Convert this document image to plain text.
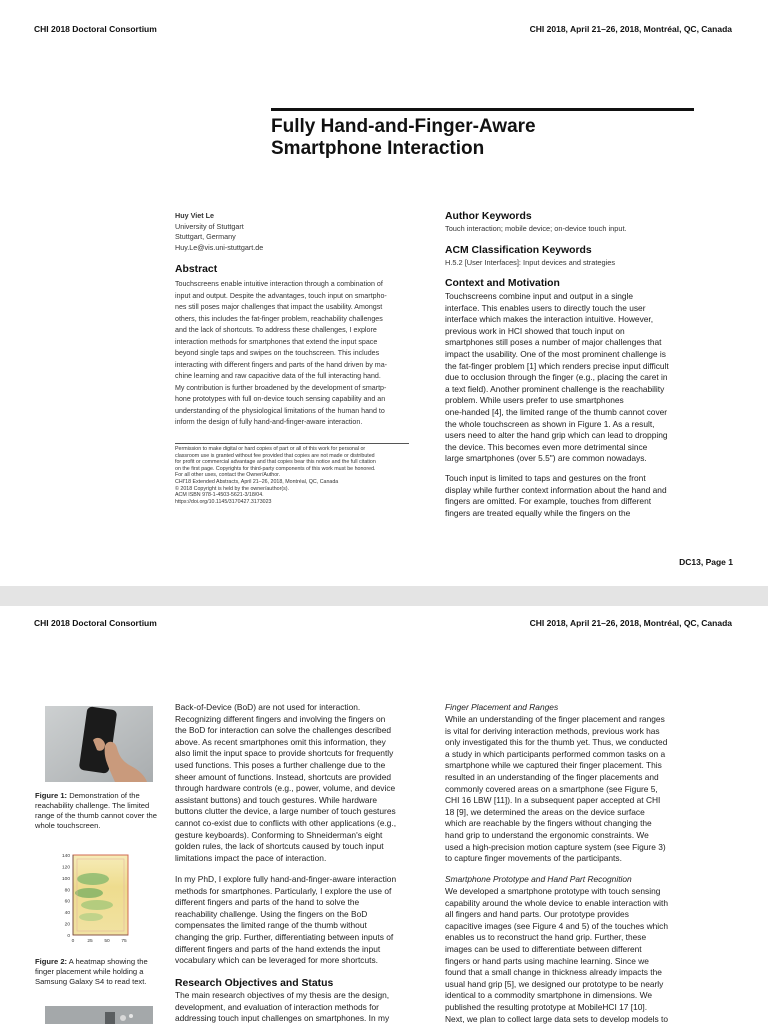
CHI 2018 Doctoral Consortium	CHI 2018, April 21–26, 2018, Montréal, QC, Canada
Fully Hand-and-Finger-Aware
Smartphone Interaction
Huy Viet Le
University of Stuttgart
Stuttgart, Germany
Huy.Le@vis.uni-stuttgart.de
Abstract
Touchscreens enable intuitive interaction through a combination of
input and output. Despite the advantages, touch input on smartpho-
nes still poses major challenges that impact the usability. Amongst
others, this includes the fat-finger problem, reachability challenges
and the lack of shortcuts. To address these challenges, I explore
interaction methods for smartphones that extend the input space
beyond single taps and swipes on the touchscreen. This includes
interacting with different fingers and parts of the hand driven by ma-
chine learning and raw capacitive data of the full interacting hand.
My contribution is further broadened by the development of smartp-
hone prototypes with full on-device touch sensing capability and an
understanding of the physiological limitations of the human hand to
inform the design of fully hand-and-finger-aware interaction.
Permission to make digital or hard copies of part or all of this work for personal or
classroom use is granted without fee provided that copies are not made or distributed
for profit or commercial advantage and that copies bear this notice and the full citation
on the first page. Copyrights for third-party components of this work must be honored.
For all other uses, contact the Owner/Author.
CHI'18 Extended Abstracts, April 21–26, 2018, Montréal, QC, Canada
© 2018 Copyright is held by the owner/author(s).
ACM ISBN 978-1-4503-5621-3/18/04.
https://doi.org/10.1145/3170427.3173023
Author Keywords
Touch interaction; mobile device; on-device touch input.
ACM Classification Keywords
H.5.2 [User Interfaces]: Input devices and strategies
Context and Motivation
Touchscreens combine input and output in a single
interface. This enables users to directly touch the user
interface which makes the interaction intuitive. However,
previous work in HCI showed that touch input on
smartphones still poses a number of major challenges that
impact the usability. One of the most prominent challenge is
the fat-finger problem [1] which renders precise input difficult
due to occlusion through the finger (e.g., placing the caret in
a text field). Another prominent challenge is the reachability
problem. While users prefer to use smartphones
one-handed [4], the limited range of the thumb cannot cover
the whole touchscreen as shown in Figure 1. As a result,
users need to alter the hand grip which can lead to dropping
the device. This becomes even more detrimental since
large smartphones (over 5.5") are common nowadays.
Touch input is limited to taps and gestures on the front
display while further context information about the hand and
fingers are omitted. For example, touches from different
fingers are treated equally while the fingers on the
DC13, Page 1
CHI 2018 Doctoral Consortium	CHI 2018, April 21–26, 2018, Montréal, QC, Canada
Figure 1: Demonstration of the reachability challenge. The limited range of the thumb cannot cover the whole touchscreen.
140
120
100
80
60
40
20
0
0	25 50 75
Figure 2: A heatmap showing the finger placement while holding a Samsung Galaxy S4 to read text.
Back-of-Device (BoD) are not used for interaction.
Recognizing different fingers and involving the fingers on
the BoD for interaction can solve the challenges described
above. As recent smartphones omit this information, they
also limit the input space to provide shortcuts for frequently
used functions. This poses a further challenge due to the
sheer amount of functions. Instead, shortcuts are provided
through hardware controls (e.g., power, volume, and device
assistant buttons) and touch gestures. While hardware
buttons clutter the device, a large number of touch gestures
cannot co-exist due to conflicts with other applications (e.g.,
gesture keyboards). Conforming to Shneiderman's eight
golden rules, the lack of shortcuts caused by touch input
limitations impact the pace of interaction.
In my PhD, I explore fully hand-and-finger-aware interaction
methods for smartphones. Particularly, I explore the use of
different fingers and parts of the hand to solve the
reachability challenge. Using the fingers on the BoD
compensates the limited range of the thumb without
changing the grip. Further, differentiating between inputs of
different fingers and parts of the hand extends the input
vocabulary which can be leveraged for more shortcuts.
Research Objectives and Status
The main research objectives of my thesis are the design,
development, and evaluation of interaction methods for
addressing touch input challenges on smartphones. In my
Finger Placement and Ranges
While an understanding of the finger placement and ranges
is vital for deriving interaction methods, previous work has
only investigated this for the thumb yet. Thus, we conducted
a study in which participants performed common tasks on a
smartphone while we captured their finger placement. This
resulted in an understanding of the finger placements and
commonly covered areas on a smartphone (see Figure 5,
CHI 16 LBW [11]). In a subsequent paper accepted at CHI
18 [9], we determined the areas on the device surface
which are reachable by the fingers without changing the
hand grip to understand the ergonomic constraints. We
used a high-precision motion capture system (see Figure 3)
to capture finger movements of the participants.
Smartphone Prototype and Hand Part Recognition
We developed a smartphone prototype with touch sensing
capability around the whole device to enable interaction with
all fingers and hand parts. Our prototype provides
capacitive images (see Figure 4 and 5) of the touches which
enables us to reconstruct the hand grip. Further, these
images can be used to differentiate between different
fingers or hand parts using machine learning. Since we
found that a small change in thickness already impacts the
usual hand grip [5], we designed our prototype to be nearly
identical to a commodity smartphone in dimensions. We
published the resulting prototype at MobileHCI 17 [10].
Next, we plan to collect large data sets to develop models to
